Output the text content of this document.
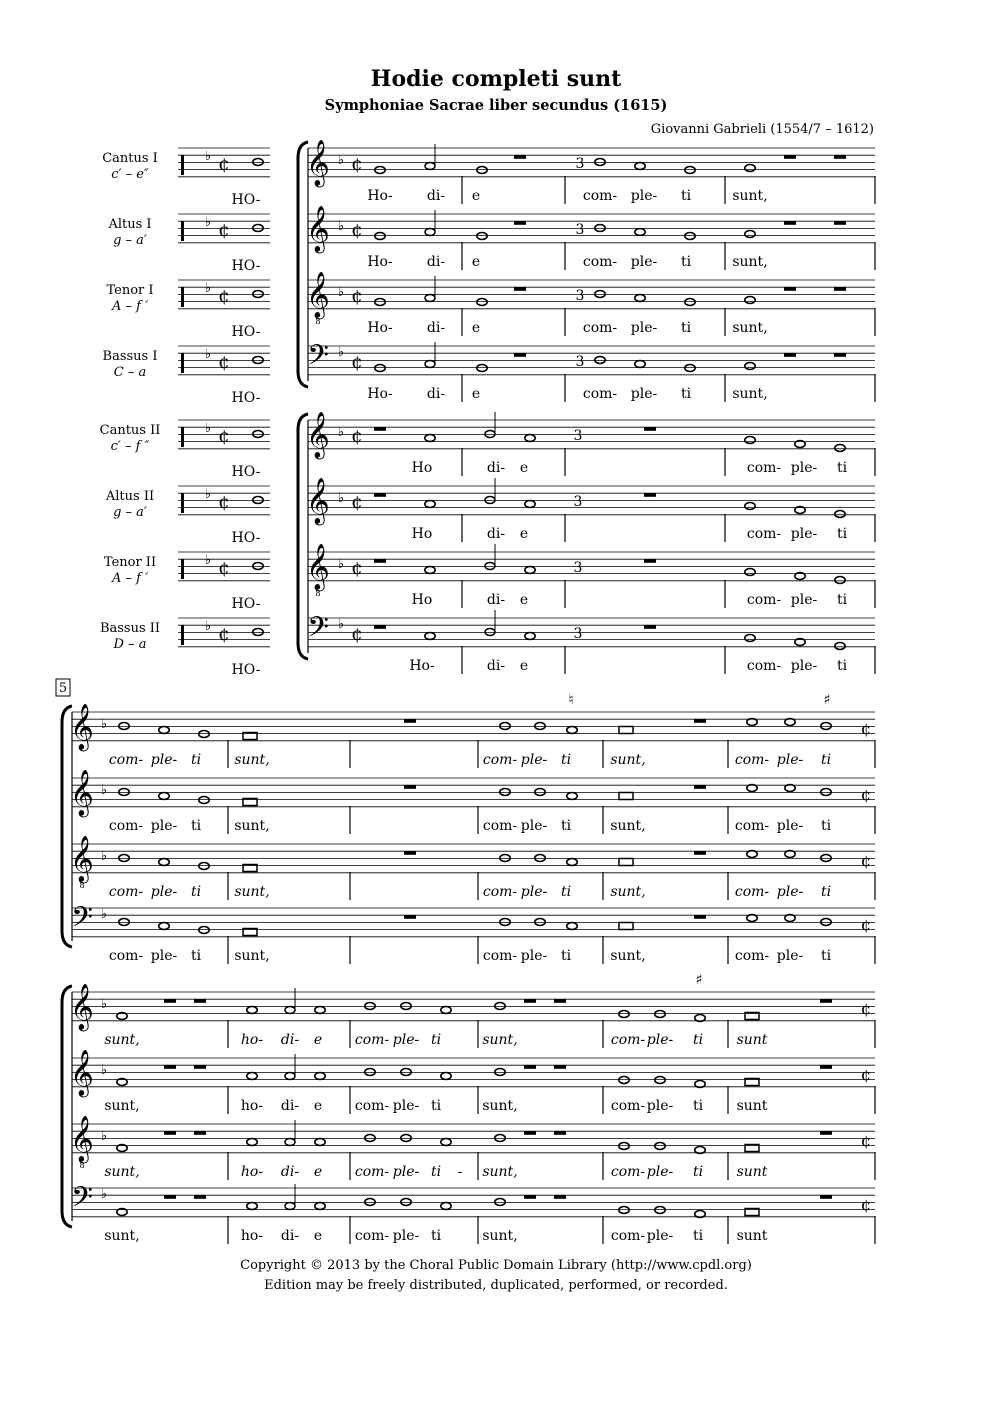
Hodie completi sunt
Symphoniae Sacrae liber secundus (1615)
Giovanni Gabrieli (1554/7 – 1612)
Cantus I
c′ – e″
♭ ¢
HO-
Altus I
g – a′
♭ ¢
HO-
Tenor I
A – f ′
♭ ¢
HO-
Bassus I
C – a
♭ ¢
HO-
Cantus II
c′ – f ″
♭ ¢
HO-
Altus II
g – a′
♭ ¢
HO-
Tenor II
A – f ′
♭ ¢
HO-
Bassus II
D – a
♭ ¢
HO-
𝄞 ♭ ¢	3
Ho- di- e	com- ple- ti	sunt,
𝄞 ♭ ¢	3
Ho- di- e	com- ple- ti	sunt,
𝄞
8
♭ ¢	3
Ho- di- e	com- ple- ti	sunt,
𝄢 ♭ ¢	3
Ho- di- e	com- ple- ti	sunt,
𝄞 ♭ ¢	3
Ho	di- e	com- ple- ti
𝄞 ♭ ¢	3
Ho	di- e	com- ple- ti
𝄞
8
♭ ¢	3
Ho	di- e	com- ple- ti
𝄢 ♭ ¢	3
Ho-	di- e	com- ple- ti
5
𝄞 ♭
♮	♯
¢
com- ple- ti sunt,	com- ple- ti	sunt,	com- ple- ti
𝄞 ♭	¢
com- ple- ti sunt,	com- ple- ti	sunt,	com- ple- ti
𝄞
8
♭	¢
com- ple- ti sunt,	com- ple- ti	sunt,	com- ple- ti
𝄢 ♭
¢
com- ple- ti sunt,	com- ple- ti	sunt,	com- ple- ti
𝄞 ♭
♯
¢
sunt,	ho- di- e com- ple- ti	sunt,	com- ple- ti sunt
𝄞 ♭	¢
sunt,	ho- di- e com- ple- ti	sunt,	com- ple- ti sunt
𝄞
8
♭	¢
sunt,	ho- di- e com- ple- ti - sunt,	com- ple- ti sunt
𝄢 ♭
¢
sunt,	ho- di- e com- ple- ti	sunt,	com- ple- ti sunt
Copyright © 2013 by the Choral Public Domain Library (http://www.cpdl.org)
Edition may be freely distributed, duplicated, performed, or recorded.
